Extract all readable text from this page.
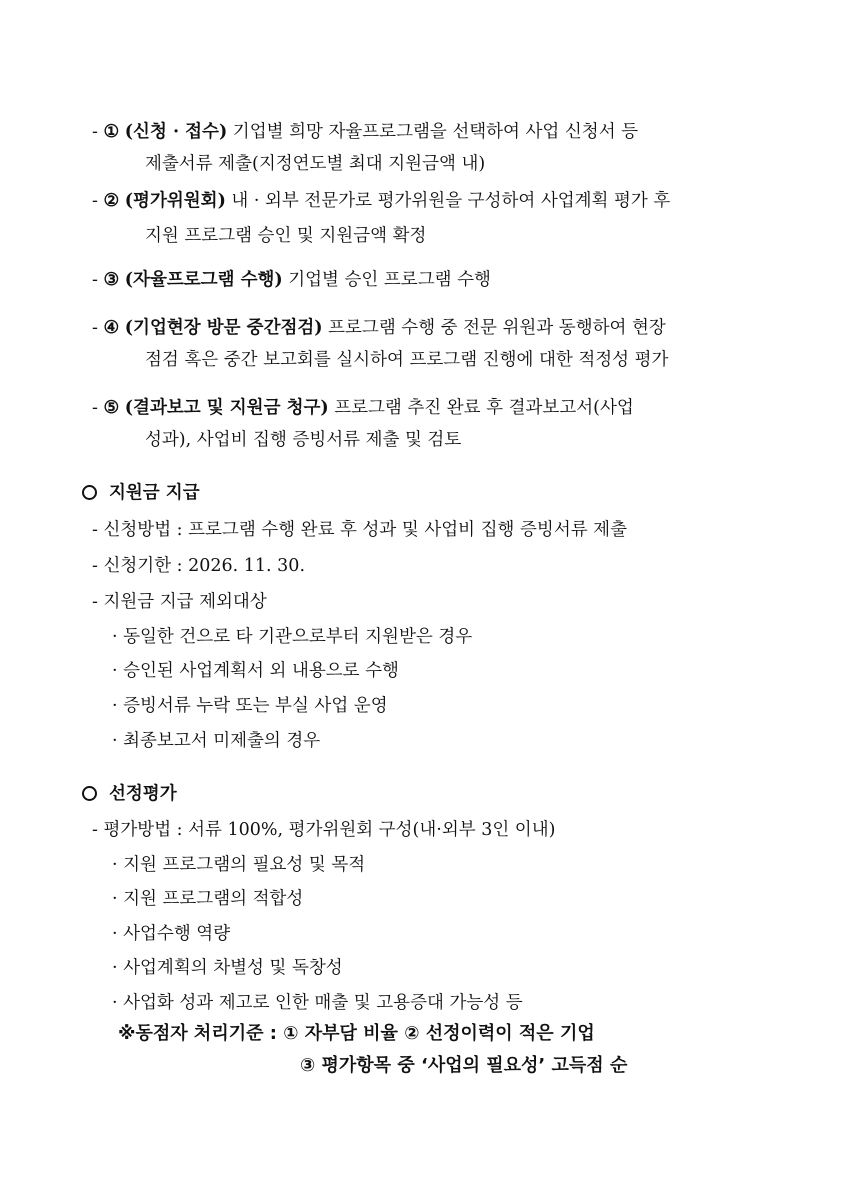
- ① (신청 · 접수) 기업별 희망 자율프로그램을 선택하여 사업 신청서 등
제출서류 제출(지정연도별 최대 지원금액 내)
- ② (평가위원회) 내 · 외부 전문가로 평가위원을 구성하여 사업계획 평가 후
지원 프로그램 승인 및 지원금액 확정
- ③ (자율프로그램 수행) 기업별 승인 프로그램 수행
- ④ (기업현장 방문 중간점검) 프로그램 수행 중 전문 위원과 동행하여 현장
점검 혹은 중간 보고회를 실시하여 프로그램 진행에 대한 적정성 평가
- ⑤ (결과보고 및 지원금 청구) 프로그램 추진 완료 후 결과보고서(사업
성과), 사업비 집행 증빙서류 제출 및 검토
지원금 지급
- 신청방법 : 프로그램 수행 완료 후 성과 및 사업비 집행 증빙서류 제출
- 신청기한 : 2026. 11. 30.
- 지원금 지급 제외대상
· 동일한 건으로 타 기관으로부터 지원받은 경우
· 승인된 사업계획서 외 내용으로 수행
· 증빙서류 누락 또는 부실 사업 운영
· 최종보고서 미제출의 경우
선정평가
- 평가방법 : 서류 100%, 평가위원회 구성(내·외부 3인 이내)
· 지원 프로그램의 필요성 및 목적
· 지원 프로그램의 적합성
· 사업수행 역량
· 사업계획의 차별성 및 독창성
· 사업화 성과 제고로 인한 매출 및 고용증대 가능성 등
※동점자 처리기준 : ① 자부담 비율 ② 선정이력이 적은 기업
③ 평가항목 중 ‘사업의 필요성’ 고득점 순
